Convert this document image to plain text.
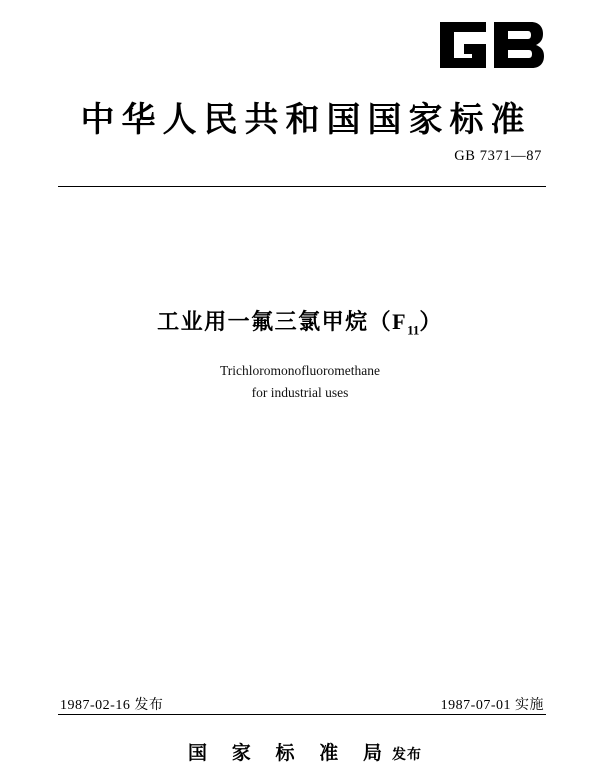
中华人民共和国国家标准
GB 7371—87
工业用一氟三氯甲烷$(F_{11})$
Trichloromonofluoromethane
for industrial uses
1987-02-16 发布	1987-07-01 实施
国 家 标 准 局发布
